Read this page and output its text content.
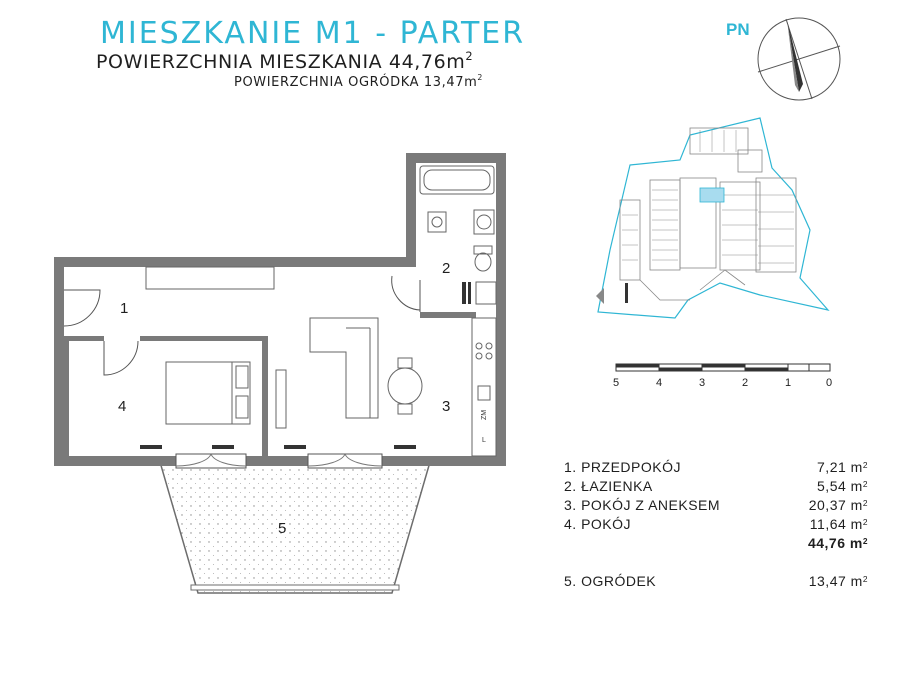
MIESZKANIE M1 - PARTER
POWIERZCHNIA MIESZKANIA $44,76m^2$
POWIERZCHNIA OGRÓDKA $13,47m^2$
PN
1
2
3
4
5
ZM
L
5	4	3	2	1	0
1. PRZEDPOKÓJ	7,21 $m^2$
2. ŁAZIENKA	5,54 $m^2$
3. POKÓJ Z ANEKSEM	20,37 $m^2$
4. POKÓJ	11,64 $m^2$
44,76 $m^2$
5. OGRÓDEK	13,47 $m^2$
